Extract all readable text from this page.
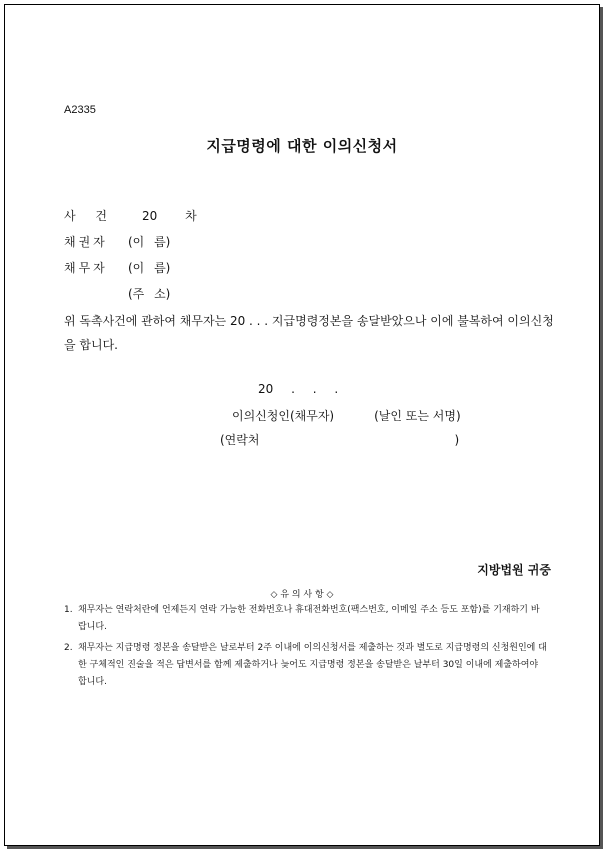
A2335
지급명령에 대한 이의신청서
사 건 20 차
채권자 (이 름)
채무자 (이 름)
(주 소)
위 독촉사건에 관하여 채무자는 20 . . . 지급명령정본을 송달받았으나 이에 불복하여 이의신청을 합니다.
20 . . .
이의신청인(채무자)	(날인 또는 서명)
(연락처	)
지방법원 귀중
◇ 유 의 사 항 ◇
1. 채무자는 연락처란에 언제든지 연락 가능한 전화번호나 휴대전화번호(팩스번호, 이메일 주소 등도 포함)를 기재하기 바랍니다.
2. 채무자는 지급명령 정본을 송달받은 날로부터 2주 이내에 이의신청서를 제출하는 것과 별도로 지급명령의 신청원인에 대한 구체적인 진술을 적은 답변서를 함께 제출하거나 늦어도 지급명령 정본을 송달받은 날부터 30일 이내에 제출하여야 합니다.
